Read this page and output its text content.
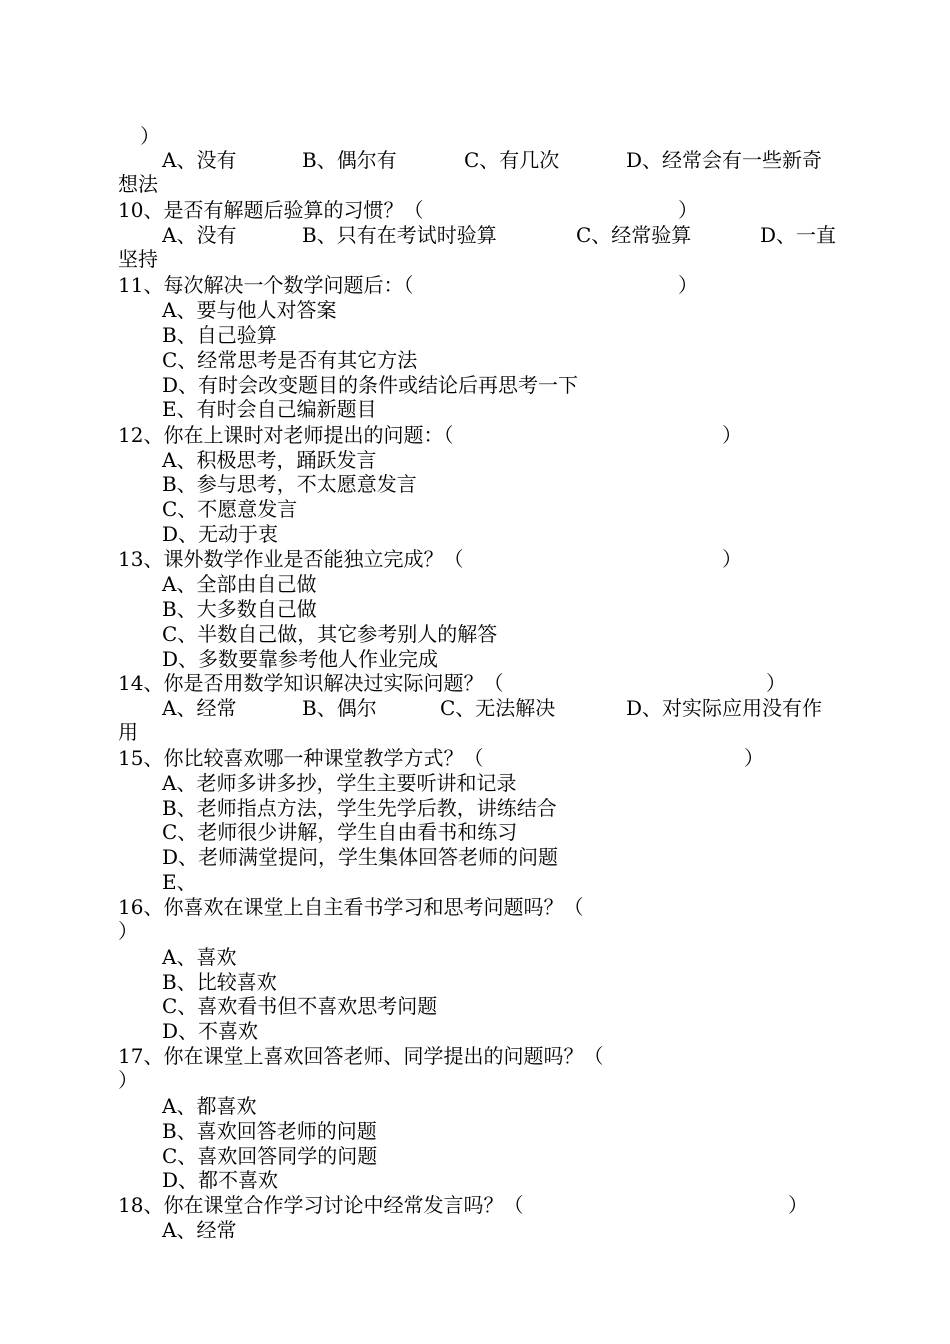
）
A、没有	B、偶尔有	C、有几次	D、经常会有一些新奇
想法
10、是否有解题后验算的习惯？（	）
A、没有	B、只有在考试时验算	C、经常验算	D、一直
坚持
11、每次解决一个数学问题后：（	）
A、要与他人对答案
B、自己验算
C、经常思考是否有其它方法
D、有时会改变题目的条件或结论后再思考一下
E、有时会自己编新题目
12、你在上课时对老师提出的问题：（	）
A、积极思考，踊跃发言
B、参与思考，不太愿意发言
C、不愿意发言
D、无动于衷
13、课外数学作业是否能独立完成？（	）
A、全部由自己做
B、大多数自己做
C、半数自己做，其它参考别人的解答
D、多数要靠参考他人作业完成
14、你是否用数学知识解决过实际问题？（	）
A、经常	B、偶尔	C、无法解决	D、对实际应用没有作
用
15、你比较喜欢哪一种课堂教学方式？（	）
A、老师多讲多抄，学生主要听讲和记录
B、老师指点方法，学生先学后教，讲练结合
C、老师很少讲解，学生自由看书和练习
D、老师满堂提问，学生集体回答老师的问题
E、
16、你喜欢在课堂上自主看书学习和思考问题吗？（
）
A、喜欢
B、比较喜欢
C、喜欢看书但不喜欢思考问题
D、不喜欢
17、你在课堂上喜欢回答老师、同学提出的问题吗？（
）
A、都喜欢
B、喜欢回答老师的问题
C、喜欢回答同学的问题
D、都不喜欢
18、你在课堂合作学习讨论中经常发言吗？（	）
A、经常
